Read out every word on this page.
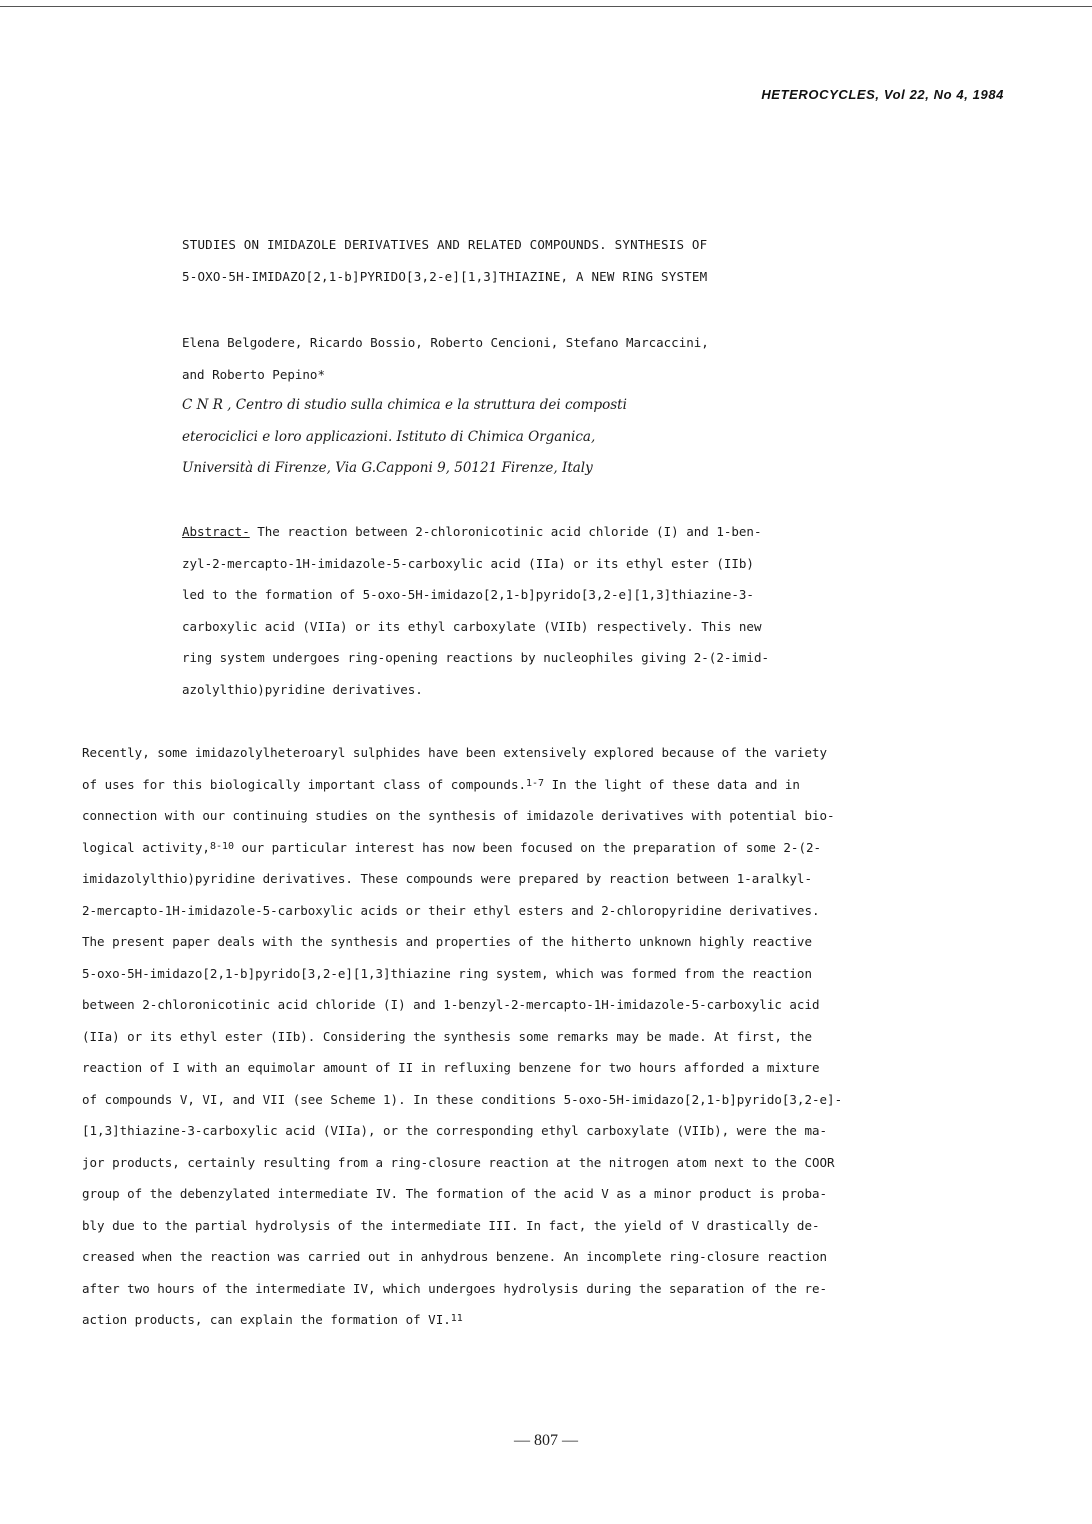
HETEROCYCLES, Vol 22, No 4, 1984
STUDIES ON IMIDAZOLE DERIVATIVES AND RELATED COMPOUNDS. SYNTHESIS OF
5-OXO-5H-IMIDAZO[2,1-b]PYRIDO[3,2-e][1,3]THIAZINE, A NEW RING SYSTEM
Elena Belgodere, Ricardo Bossio, Roberto Cencioni, Stefano Marcaccini,
and Roberto Pepino*
C N R , Centro di studio sulla chimica e la struttura dei composti
eterociclici e loro applicazioni. Istituto di Chimica Organica,
Università di Firenze, Via G.Capponi 9, 50121 Firenze, Italy
Abstract- The reaction between 2-chloronicotinic acid chloride (I) and 1-ben-
zyl-2-mercapto-1H-imidazole-5-carboxylic acid (IIa) or its ethyl ester (IIb)
led to the formation of 5-oxo-5H-imidazo[2,1-b]pyrido[3,2-e][1,3]thiazine-3-
carboxylic acid (VIIa) or its ethyl carboxylate (VIIb) respectively. This new
ring system undergoes ring-opening reactions by nucleophiles giving 2-(2-imid-
azolylthio)pyridine derivatives.
Recently, some imidazolylheteroaryl sulphides have been extensively explored because of the variety
of uses for this biologically important class of compounds.$^{1-7}$ In the light of these data and in
connection with our continuing studies on the synthesis of imidazole derivatives with potential bio-
logical activity,$^{8-10}$ our particular interest has now been focused on the preparation of some 2-(2-
imidazolylthio)pyridine derivatives. These compounds were prepared by reaction between 1-aralkyl-
2-mercapto-1H-imidazole-5-carboxylic acids or their ethyl esters and 2-chloropyridine derivatives.
The present paper deals with the synthesis and properties of the hitherto unknown highly reactive
5-oxo-5H-imidazo[2,1-b]pyrido[3,2-e][1,3]thiazine ring system, which was formed from the reaction
between 2-chloronicotinic acid chloride (I) and 1-benzyl-2-mercapto-1H-imidazole-5-carboxylic acid
(IIa) or its ethyl ester (IIb). Considering the synthesis some remarks may be made. At first, the
reaction of I with an equimolar amount of II in refluxing benzene for two hours afforded a mixture
of compounds V, VI, and VII (see Scheme 1). In these conditions 5-oxo-5H-imidazo[2,1-b]pyrido[3,2-e]-
[1,3]thiazine-3-carboxylic acid (VIIa), or the corresponding ethyl carboxylate (VIIb), were the ma-
jor products, certainly resulting from a ring-closure reaction at the nitrogen atom next to the COOR
group of the debenzylated intermediate IV. The formation of the acid V as a minor product is proba-
bly due to the partial hydrolysis of the intermediate III. In fact, the yield of V drastically de-
creased when the reaction was carried out in anhydrous benzene. An incomplete ring-closure reaction
after two hours of the intermediate IV, which undergoes hydrolysis during the separation of the re-
action products, can explain the formation of VI.$^{11}$
— 807 —
